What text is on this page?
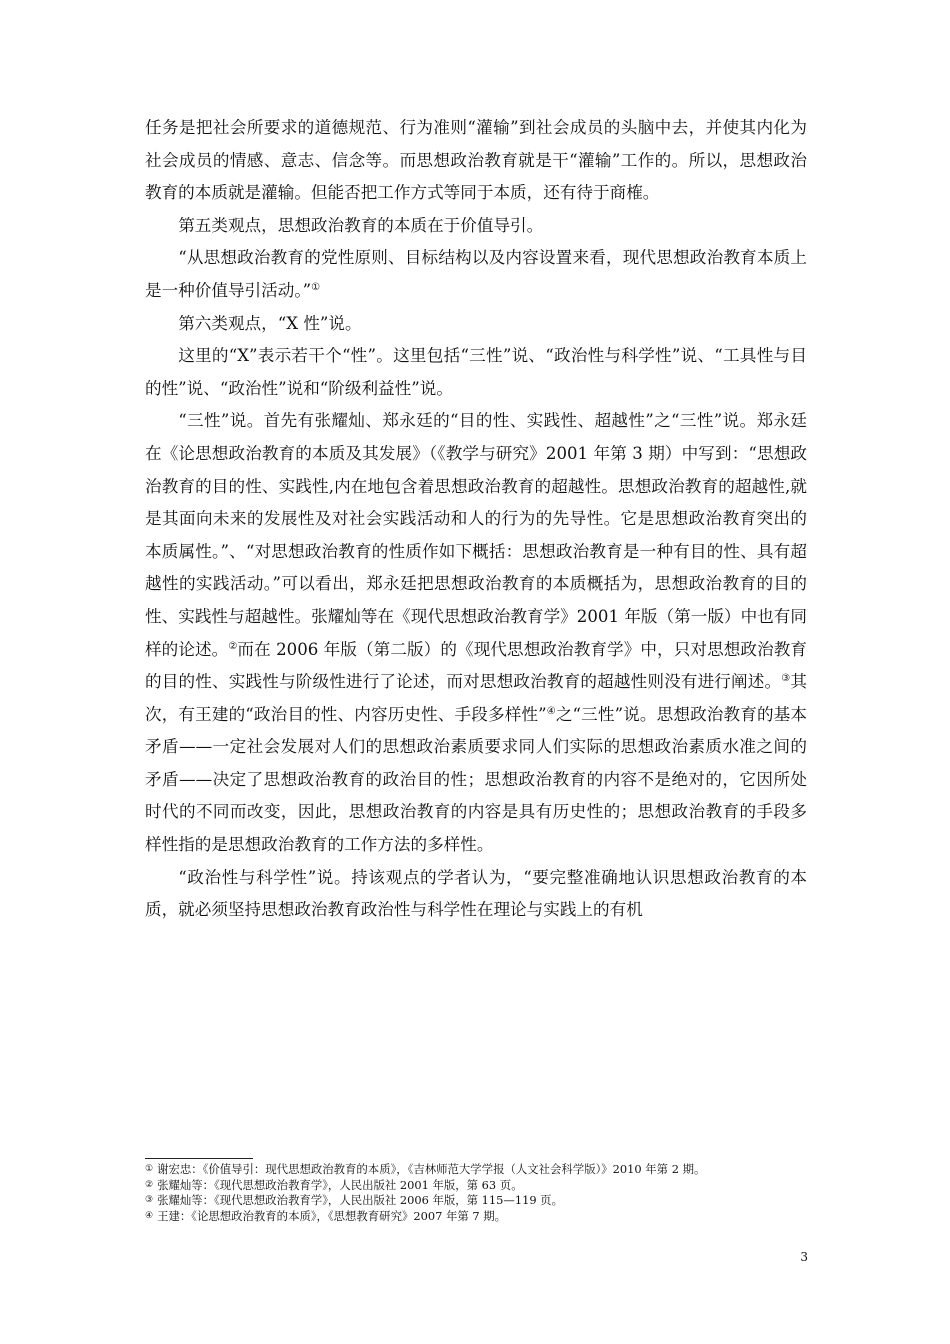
任务是把社会所要求的道德规范、行为准则“灌输”到社会成员的头脑中去，并使其内化为社会成员的情感、意志、信念等。而思想政治教育就是干“灌输”工作的。所以，思想政治教育的本质就是灌输。但能否把工作方式等同于本质，还有待于商榷。

第五类观点，思想政治教育的本质在于价值导引。

“从思想政治教育的党性原则、目标结构以及内容设置来看，现代思想政治教育本质上是一种价值导引活动。”①

第六类观点，“X 性”说。

这里的“X”表示若干个“性”。这里包括“三性”说、“政治性与科学性”说、“工具性与目的性”说、“政治性”说和“阶级利益性”说。

“三性”说。首先有张耀灿、郑永廷的“目的性、实践性、超越性”之“三性”说。郑永廷在《论思想政治教育的本质及其发展》（《教学与研究》2001 年第 3 期）中写到：“思想政治教育的目的性、实践性,内在地包含着思想政治教育的超越性。思想政治教育的超越性,就是其面向未来的发展性及对社会实践活动和人的行为的先导性。它是思想政治教育突出的本质属性。”、“对思想政治教育的性质作如下概括：思想政治教育是一种有目的性、具有超越性的实践活动。”可以看出，郑永廷把思想政治教育的本质概括为，思想政治教育的目的性、实践性与超越性。张耀灿等在《现代思想政治教育学》2001 年版（第一版）中也有同样的论述。②而在 2006 年版（第二版）的《现代思想政治教育学》中，只对思想政治教育的目的性、实践性与阶级性进行了论述，而对思想政治教育的超越性则没有进行阐述。③其次，有王建的“政治目的性、内容历史性、手段多样性”④之“三性”说。思想政治教育的基本矛盾——一定社会发展对人们的思想政治素质要求同人们实际的思想政治素质水准之间的矛盾——决定了思想政治教育的政治目的性；思想政治教育的内容不是绝对的，它因所处时代的不同而改变，因此，思想政治教育的内容是具有历史性的；思想政治教育的手段多样性指的是思想政治教育的工作方法的多样性。

“政治性与科学性”说。持该观点的学者认为，“要完整准确地认识思想政治教育的本质，就必须坚持思想政治教育政治性与科学性在理论与实践上的有机

① 谢宏忠：《价值导引：现代思想政治教育的本质》，《吉林师范大学学报（人文社会科学版）》2010 年第 2 期。
② 张耀灿等：《现代思想政治教育学》，人民出版社 2001 年版，第 63 页。
③ 张耀灿等：《现代思想政治教育学》，人民出版社 2006 年版，第 115—119 页。
④ 王建：《论思想政治教育的本质》，《思想教育研究》2007 年第 7 期。
3
